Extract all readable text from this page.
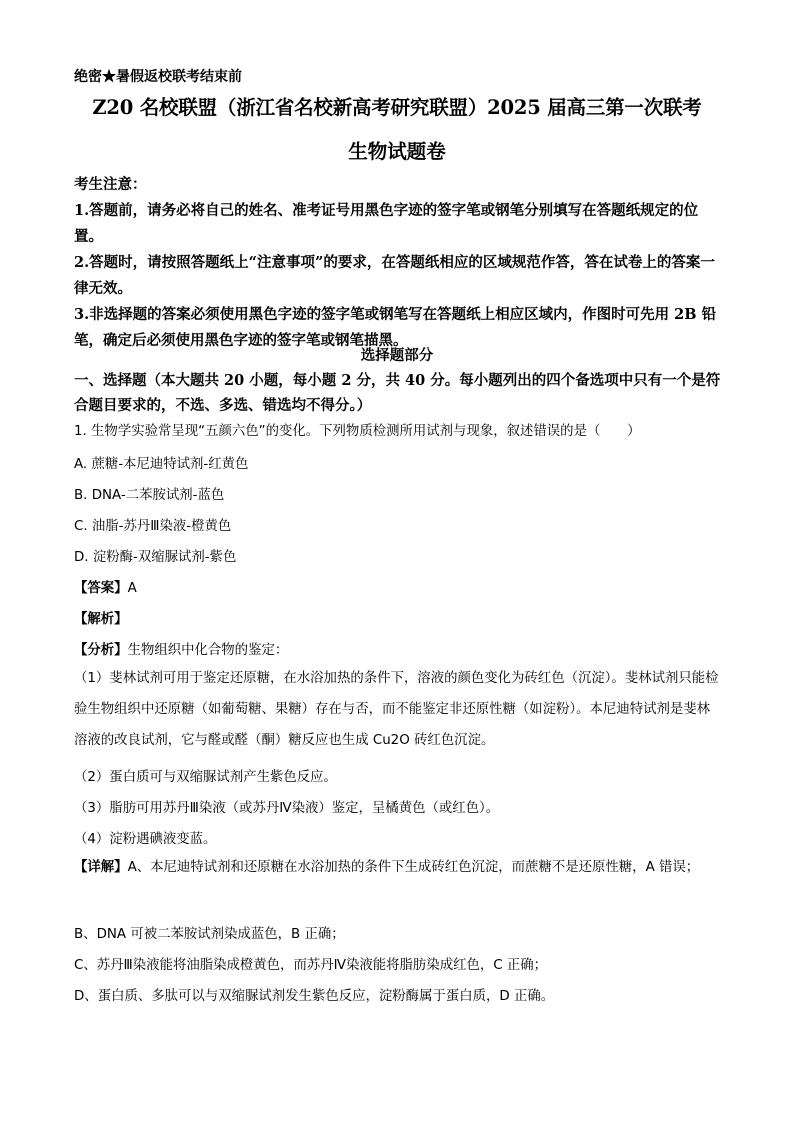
绝密★暑假返校联考结束前
Z20 名校联盟（浙江省名校新高考研究联盟）2025 届高三第一次联考
生物试题卷
考生注意：
1.答题前，请务必将自己的姓名、准考证号用黑色字迹的签字笔或钢笔分别填写在答题纸规定的位置。
2.答题时，请按照答题纸上“注意事项”的要求，在答题纸相应的区域规范作答，答在试卷上的答案一律无效。
3.非选择题的答案必须使用黑色字迹的签字笔或钢笔写在答题纸上相应区域内，作图时可先用 2B 铅笔，确定后必须使用黑色字迹的签字笔或钢笔描黑。
选择题部分
一、选择题（本大题共 20 小题，每小题 2 分，共 40 分。每小题列出的四个备选项中只有一个是符合题目要求的，不选、多选、错选均不得分。）
1. 生物学实验常呈现“五颜六色”的变化。下列物质检测所用试剂与现象，叙述错误的是（　　）
A. 蔗糖-本尼迪特试剂-红黄色
B. DNA-二苯胺试剂-蓝色
C. 油脂-苏丹Ⅲ染液-橙黄色
D. 淀粉酶-双缩脲试剂-紫色
【答案】A
【解析】
【分析】生物组织中化合物的鉴定：
（1）斐林试剂可用于鉴定还原糖，在水浴加热的条件下，溶液的颜色变化为砖红色（沉淀）。斐林试剂只能检验生物组织中还原糖（如葡萄糖、果糖）存在与否，而不能鉴定非还原性糖（如淀粉）。本尼迪特试剂是斐林溶液的改良试剂，它与醛或醛（酮）糖反应也生成 Cu2O 砖红色沉淀。
（2）蛋白质可与双缩脲试剂产生紫色反应。
（3）脂肪可用苏丹Ⅲ染液（或苏丹Ⅳ染液）鉴定，呈橘黄色（或红色）。
（4）淀粉遇碘液变蓝。
【详解】A、本尼迪特试剂和还原糖在水浴加热的条件下生成砖红色沉淀，而蔗糖不是还原性糖，A 错误；
B、DNA 可被二苯胺试剂染成蓝色，B 正确；
C、苏丹Ⅲ染液能将油脂染成橙黄色，而苏丹Ⅳ染液能将脂肪染成红色，C 正确；
D、蛋白质、多肽可以与双缩脲试剂发生紫色反应，淀粉酶属于蛋白质，D 正确。
